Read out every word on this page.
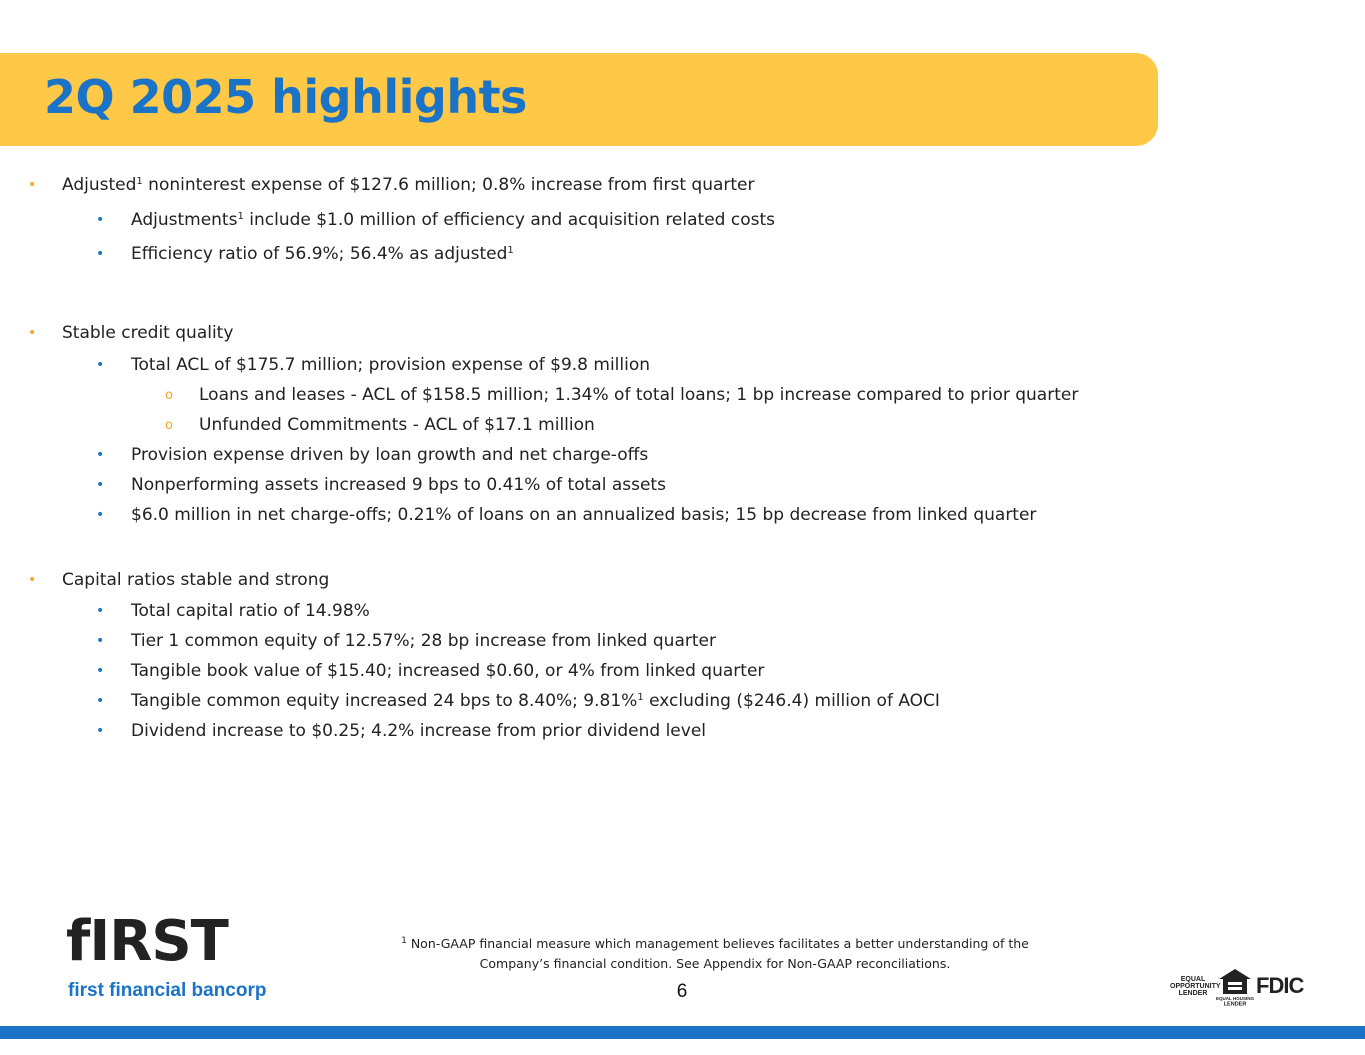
2Q 2025 highlights
• Adjusted$^1$ noninterest expense of $127.6 million; 0.8% increase from first quarter
• Adjustments$^1$ include $1.0 million of efficiency and acquisition related costs
• Efficiency ratio of 56.9%; 56.4% as adjusted$^1$
• Stable credit quality
• Total ACL of $175.7 million; provision expense of $9.8 million
o Loans and leases - ACL of $158.5 million; 1.34% of total loans; 1 bp increase compared to prior quarter
o Unfunded Commitments - ACL of $17.1 million
• Provision expense driven by loan growth and net charge-offs
• Nonperforming assets increased 9 bps to 0.41% of total assets
• $6.0 million in net charge-offs; 0.21% of loans on an annualized basis; 15 bp decrease from linked quarter
• Capital ratios stable and strong
• Total capital ratio of 14.98%
• Tier 1 common equity of 12.57%; 28 bp increase from linked quarter
• Tangible book value of $15.40; increased $0.60, or 4% from linked quarter
• Tangible common equity increased 24 bps to 8.40%; 9.81%$^1$ excluding ($246.4) million of AOCI
• Dividend increase to $0.25; 4.2% increase from prior dividend level
fIRST
first financial bancorp
$^1$ Non-GAAP financial measure which management believes facilitates a better understanding of the
Company’s financial condition. See Appendix for Non-GAAP reconciliations.
6
EQUAL
OPPORTUNITY
LENDER
EQUAL HOUSING
LENDER
FDIC
